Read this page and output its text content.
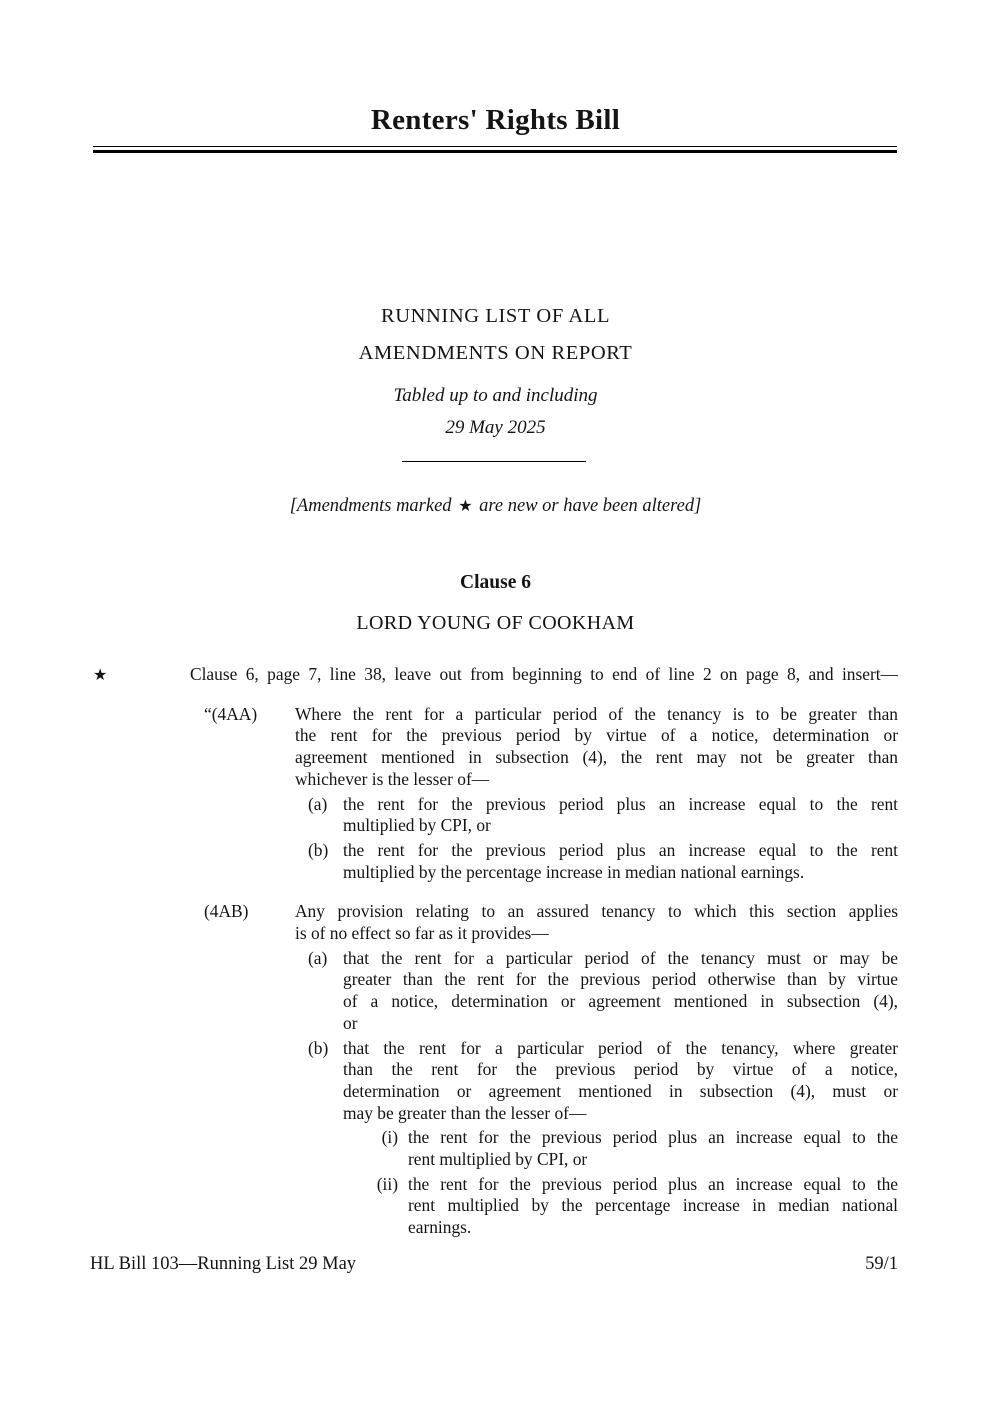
Renters' Rights Bill
RUNNING LIST OF ALL
AMENDMENTS ON REPORT
Tabled up to and including
29 May 2025
[Amendments marked ★ are new or have been altered]
Clause 6
LORD YOUNG OF COOKHAM
★	Clause 6, page 7, line 38, leave out from beginning to end of line 2 on page 8, and insert—
“(4AA) Where the rent for a particular period of the tenancy is to be greater than
the rent for the previous period by virtue of a notice, determination or
agreement mentioned in subsection (4), the rent may not be greater than
whichever is the lesser of—
(a) the rent for the previous period plus an increase equal to the rent
multiplied by CPI, or
(b) the rent for the previous period plus an increase equal to the rent
multiplied by the percentage increase in median national earnings.
(4AB)	Any provision relating to an assured tenancy to which this section applies
is of no effect so far as it provides—
(a) that the rent for a particular period of the tenancy must or may be
greater than the rent for the previous period otherwise than by virtue
of a notice, determination or agreement mentioned in subsection (4),
or
(b) that the rent for a particular period of the tenancy, where greater
than the rent for the previous period by virtue of a notice,
determination or agreement mentioned in subsection (4), must or
may be greater than the lesser of—
(i) the rent for the previous period plus an increase equal to the
rent multiplied by CPI, or
(ii) the rent for the previous period plus an increase equal to the
rent multiplied by the percentage increase in median national
earnings.
HL Bill 103—Running List 29 May	59/1
